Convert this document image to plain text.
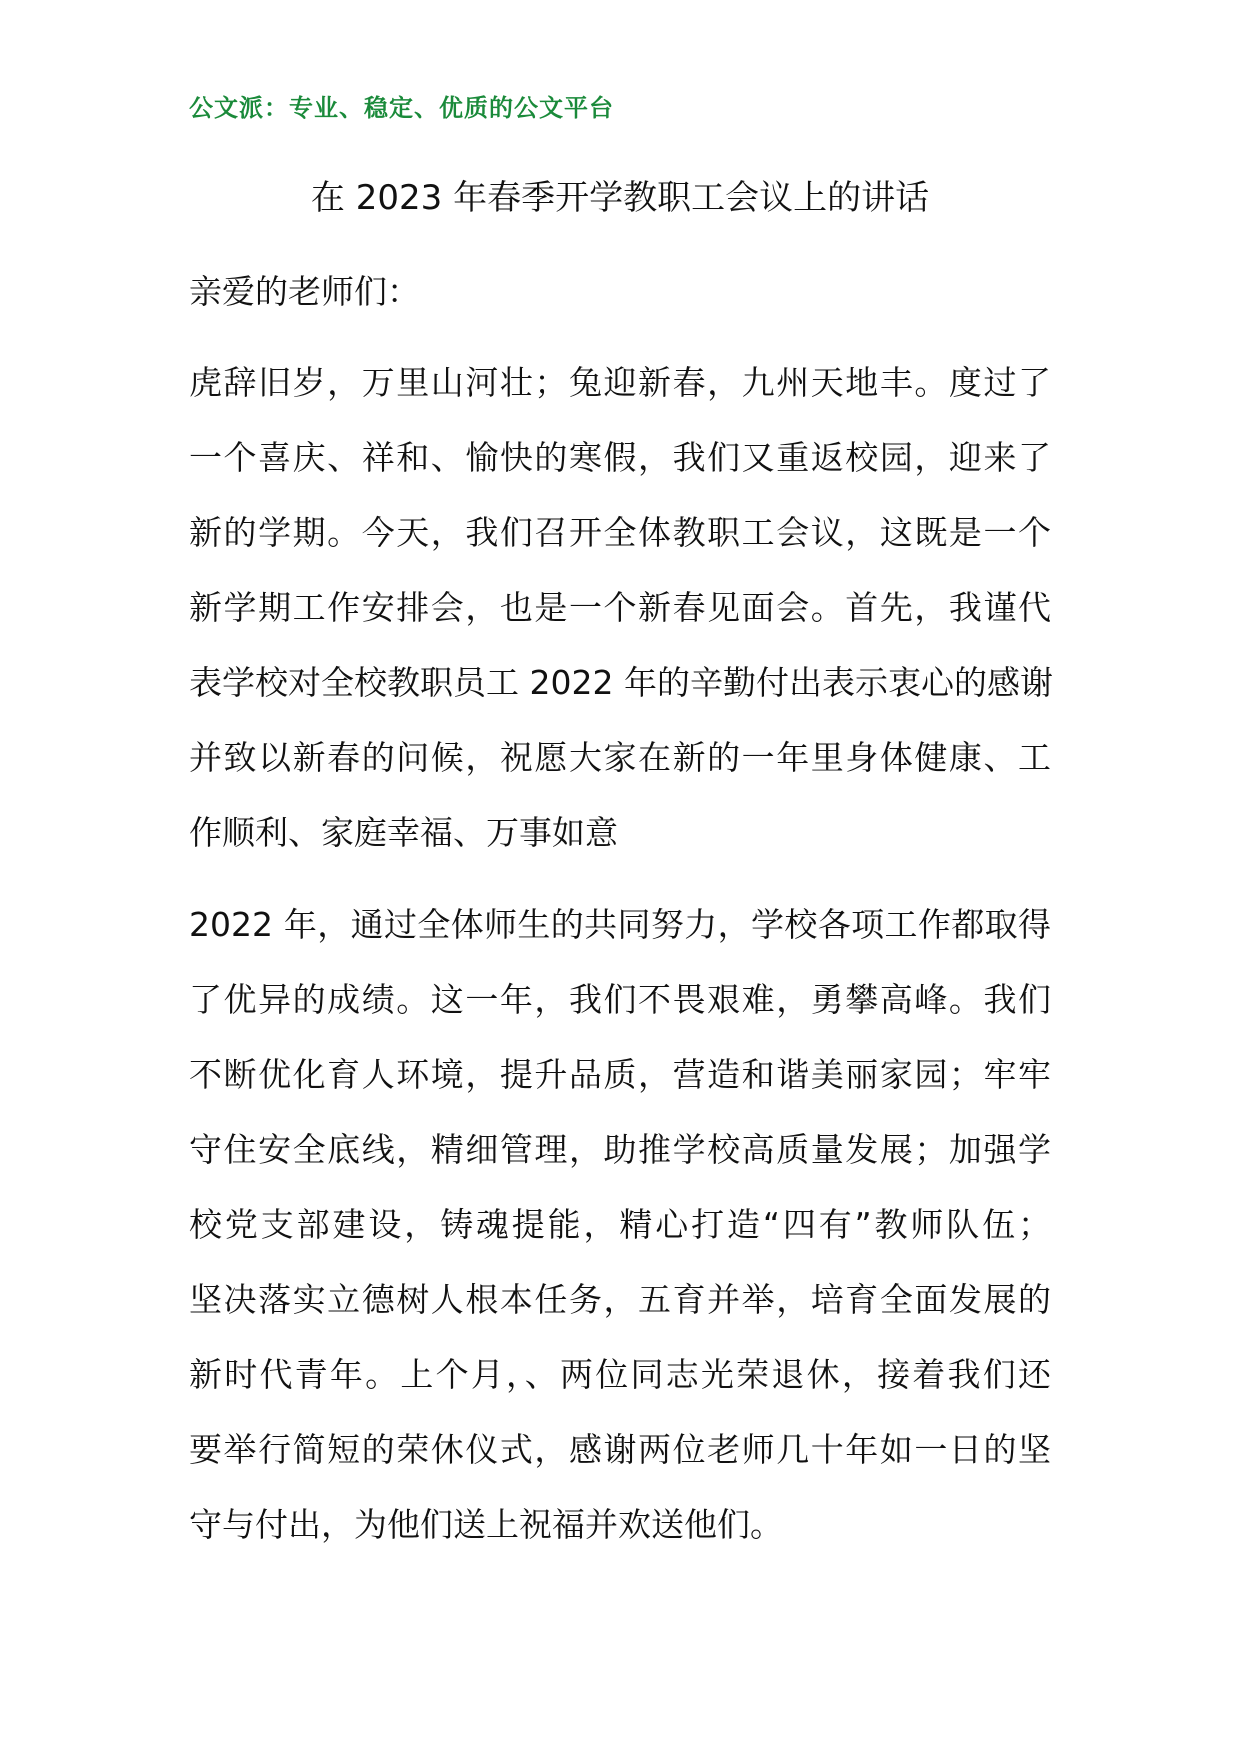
公文派：专业、稳定、优质的公文平台
在 2023 年春季开学教职工会议上的讲话
亲爱的老师们：
虎辞旧岁，万里山河壮；兔迎新春，九州天地丰。度过了
一个喜庆、祥和、愉快的寒假，我们又重返校园，迎来了
新的学期。今天，我们召开全体教职工会议，这既是一个
新学期工作安排会，也是一个新春见面会。首先，我谨代
表学校对全校教职员工 2022 年的辛勤付出表示衷心的感谢
并致以新春的问候，祝愿大家在新的一年里身体健康、工
作顺利、家庭幸福、万事如意
2022 年，通过全体师生的共同努力，学校各项工作都取得
了优异的成绩。这一年，我们不畏艰难，勇攀高峰。我们
不断优化育人环境，提升品质，营造和谐美丽家园；牢牢
守住安全底线，精细管理，助推学校高质量发展；加强学
校党支部建设，铸魂提能，精心打造“四有”教师队伍；
坚决落实立德树人根本任务，五育并举，培育全面发展的
新时代青年。上个月，、两位同志光荣退休，接着我们还
要举行简短的荣休仪式，感谢两位老师几十年如一日的坚
守与付出，为他们送上祝福并欢送他们。
